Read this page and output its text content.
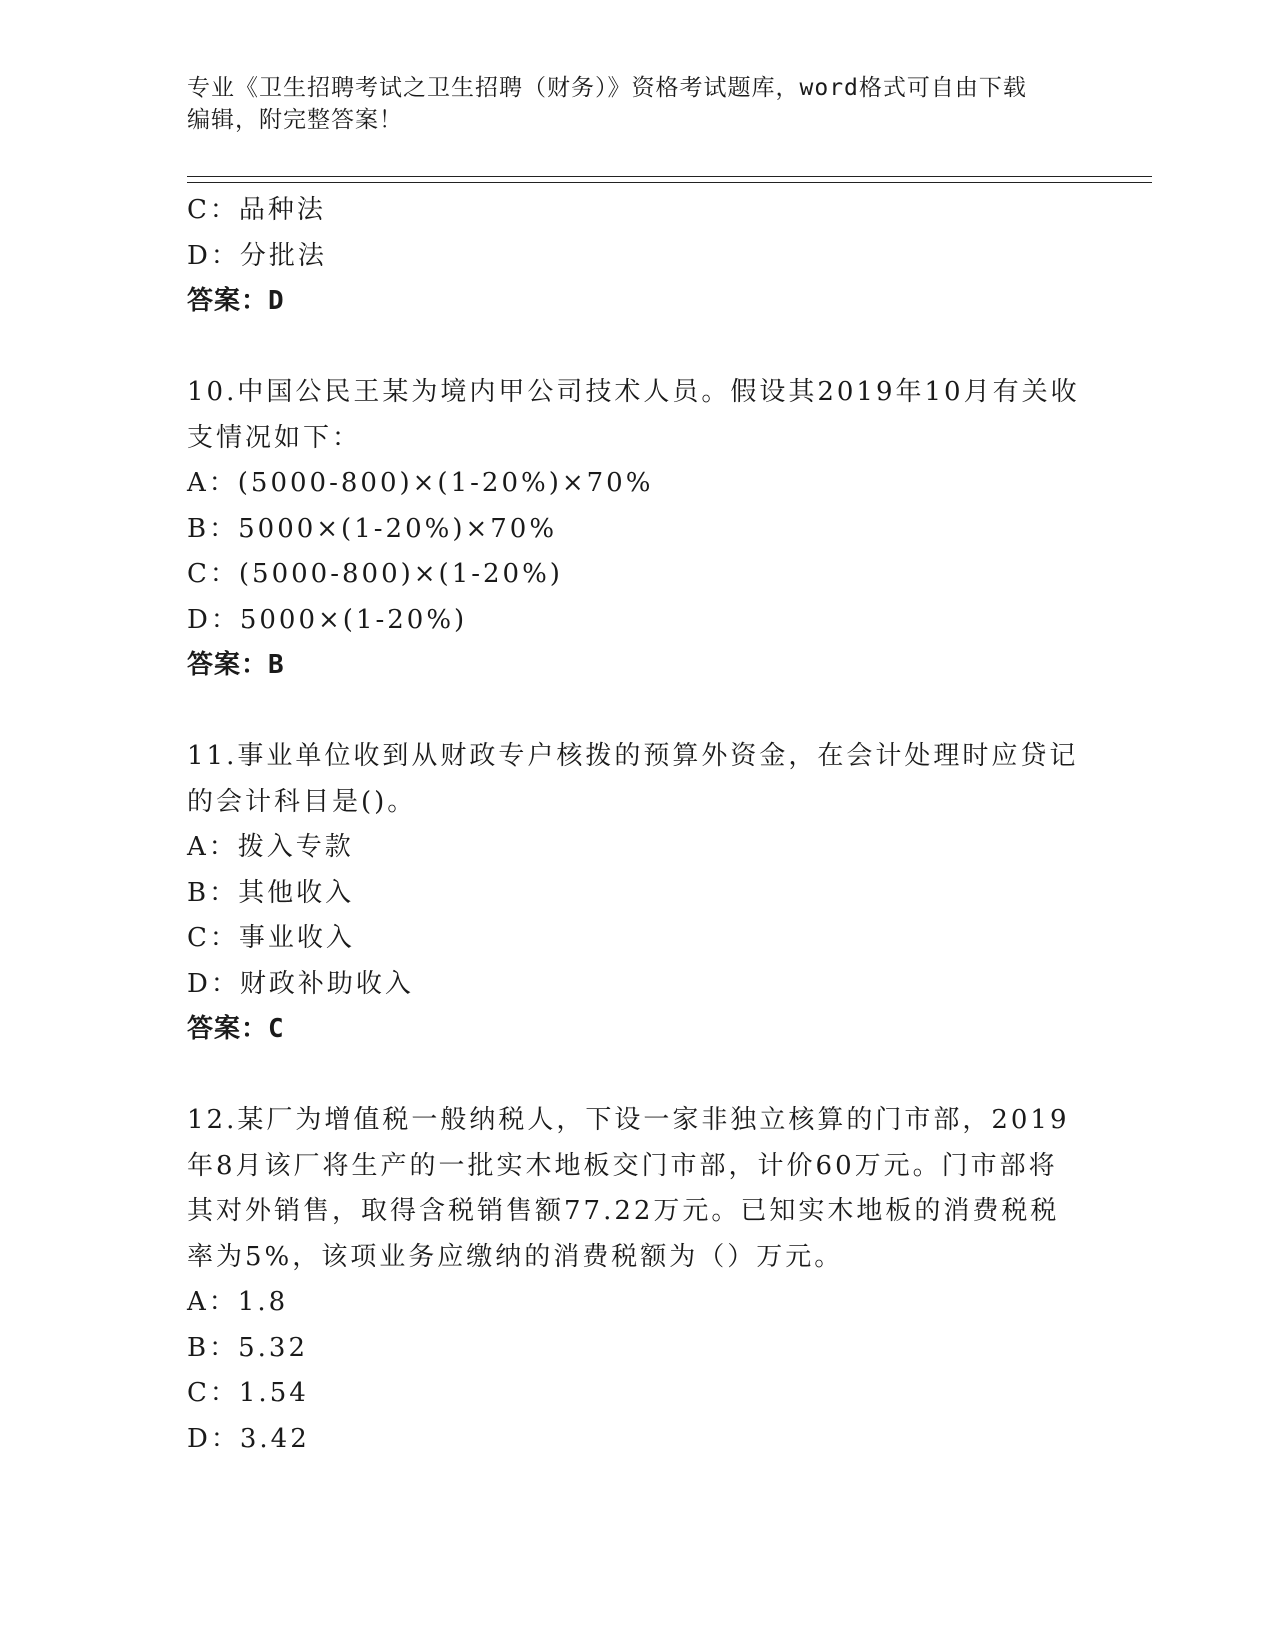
专业《卫生招聘考试之卫生招聘（财务）》资格考试题库，word格式可自由下载
编辑，附完整答案！
C：品种法
D：分批法
答案：D
10.中国公民王某为境内甲公司技术人员。假设其2019年10月有关收
支情况如下：
A：(5000-800)×(1-20%)×70%
B：5000×(1-20%)×70%
C：(5000-800)×(1-20%)
D：5000×(1-20%)
答案：B
11.事业单位收到从财政专户核拨的预算外资金，在会计处理时应贷记
的会计科目是()。
A：拨入专款
B：其他收入
C：事业收入
D：财政补助收入
答案：C
12.某厂为增值税一般纳税人，下设一家非独立核算的门市部，2019
年8月该厂将生产的一批实木地板交门市部，计价60万元。门市部将
其对外销售，取得含税销售额77.22万元。已知实木地板的消费税税
率为5%，该项业务应缴纳的消费税额为（）万元。
A：1.8
B：5.32
C：1.54
D：3.42
